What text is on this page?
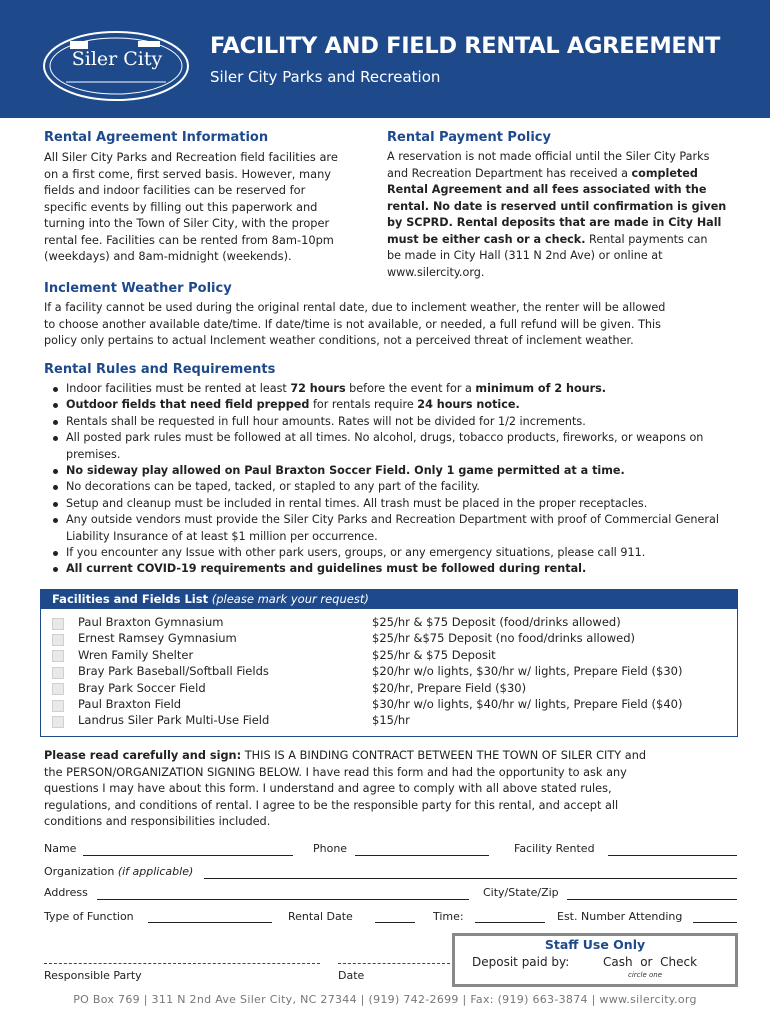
Siler City	FACILITY AND FIELD RENTAL AGREEMENT
Siler City Parks and Recreation
Rental Agreement Information
All Siler City Parks and Recreation field facilities are
on a first come, first served basis. However, many
fields and indoor facilities can be reserved for
specific events by filling out this paperwork and
turning into the Town of Siler City, with the proper
rental fee. Facilities can be rented from 8am-10pm
(weekdays) and 8am-midnight (weekends).
Rental Payment Policy
A reservation is not made official until the Siler City Parks
and Recreation Department has received a completed
Rental Agreement and all fees associated with the
rental. No date is reserved until confirmation is given
by SCPRD. Rental deposits that are made in City Hall
must be either cash or a check. Rental payments can
be made in City Hall (311 N 2nd Ave) or online at
www.silercity.org.
Inclement Weather Policy
If a facility cannot be used during the original rental date, due to inclement weather, the renter will be allowed
to choose another available date/time. If date/time is not available, or needed, a full refund will be given. This
policy only pertains to actual Inclement weather conditions, not a perceived threat of inclement weather.
Rental Rules and Requirements
Indoor facilities must be rented at least 72 hours before the event for a minimum of 2 hours.
Outdoor fields that need field prepped for rentals require 24 hours notice.
Rentals shall be requested in full hour amounts. Rates will not be divided for 1/2 increments.
All posted park rules must be followed at all times. No alcohol, drugs, tobacco products, fireworks, or weapons on premises.
No sideway play allowed on Paul Braxton Soccer Field. Only 1 game permitted at a time.
No decorations can be taped, tacked, or stapled to any part of the facility.
Setup and cleanup must be included in rental times. All trash must be placed in the proper receptacles.
Any outside vendors must provide the Siler City Parks and Recreation Department with proof of Commercial General Liability Insurance of at least $1 million per occurrence.
If you encounter any Issue with other park users, groups, or any emergency situations, please call 911.
All current COVID-19 requirements and guidelines must be followed during rental.
Facilities and Fields List (please mark your request)
Paul Braxton Gymnasium	$25/hr & $75 Deposit (food/drinks allowed)
Ernest Ramsey Gymnasium	$25/hr &$75 Deposit (no food/drinks allowed)
Wren Family Shelter	$25/hr & $75 Deposit
Bray Park Baseball/Softball Fields	$20/hr w/o lights, $30/hr w/ lights, Prepare Field ($30)
Bray Park Soccer Field	$20/hr, Prepare Field ($30)
Paul Braxton Field	$30/hr w/o lights, $40/hr w/ lights, Prepare Field ($40)
Landrus Siler Park Multi-Use Field	$15/hr
Please read carefully and sign: THIS IS A BINDING CONTRACT BETWEEN THE TOWN OF SILER CITY and
the PERSON/ORGANIZATION SIGNING BELOW. I have read this form and had the opportunity to ask any
questions I may have about this form. I understand and agree to comply with all above stated rules,
regulations, and conditions of rental. I agree to be the responsible party for this rental, and accept all
conditions and responsibilities included.
Name	Phone	Facility Rented
Organization (if applicable)
Address	City/State/Zip
Type of Function	Rental Date	Time:	Est. Number Attending
Responsible Party	Date
Staff Use Only
Deposit paid by:	Cash  or  Check
circle one
PO Box 769 | 311 N 2nd Ave Siler City, NC 27344 | (919) 742-2699 | Fax: (919) 663-3874 | www.silercity.org
